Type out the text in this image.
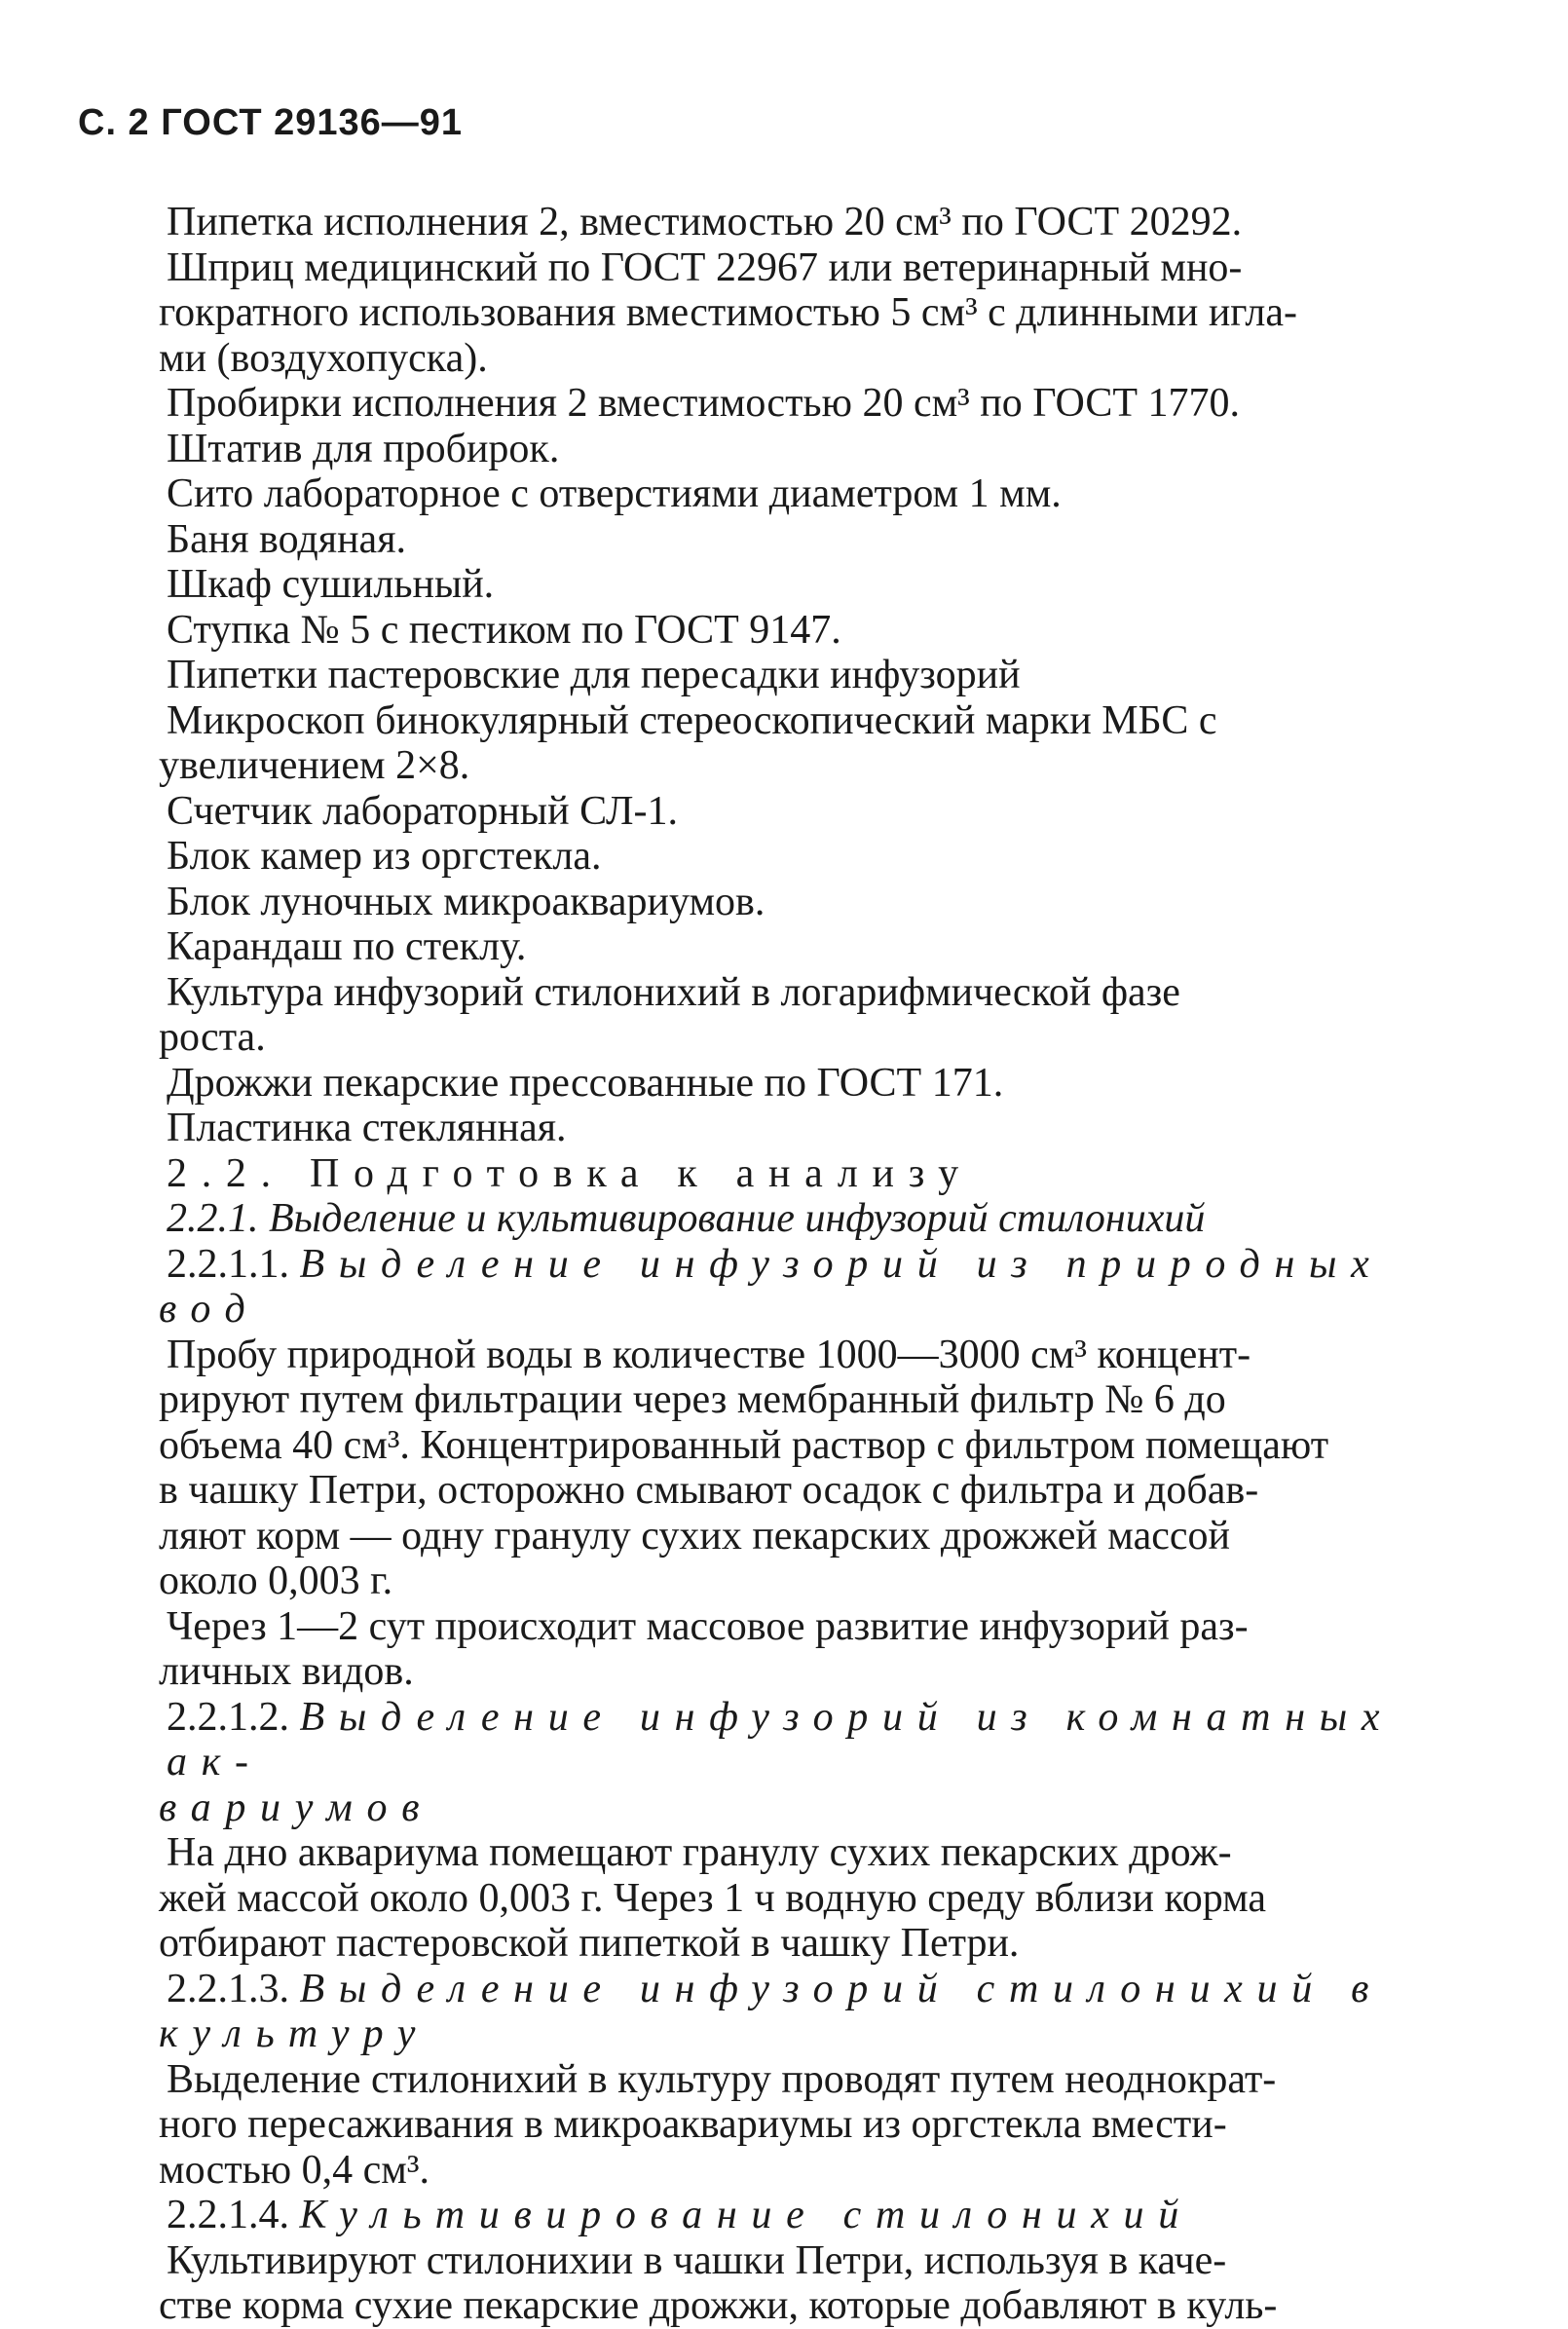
С. 2 ГОСТ 29136—91
Пипетка исполнения 2, вместимостью 20 см³ по ГОСТ 20292.
Шприц медицинский по ГОСТ 22967 или ветеринарный мно-
гократного использования вместимостью 5 см³ с длинными игла-
ми (воздухопуска).
Пробирки исполнения 2 вместимостью 20 см³ по ГОСТ 1770.
Штатив для пробирок.
Сито лабораторное с отверстиями диаметром 1 мм.
Баня водяная.
Шкаф сушильный.
Ступка № 5 с пестиком по ГОСТ 9147.
Пипетки пастеровские для пересадки инфузорий
Микроскоп бинокулярный стереоскопический марки МБС с
увеличением 2×8.
Счетчик лабораторный СЛ-1.
Блок камер из оргстекла.
Блок луночных микроаквариумов.
Карандаш по стеклу.
Культура инфузорий стилонихий в логарифмической фазе
роста.
Дрожжи пекарские прессованные по ГОСТ 171.
Пластинка стеклянная.
2.2. Подготовка к анализу
2.2.1. Выделение и культивирование инфузорий стилонихий
2.2.1.1. Выделение инфузорий из природных
вод
Пробу природной воды в количестве 1000—3000 см³ концент-
рируют путем фильтрации через мембранный фильтр № 6 до
объема 40 см³. Концентрированный раствор с фильтром помещают
в чашку Петри, осторожно смывают осадок с фильтра и добав-
ляют корм — одну гранулу сухих пекарских дрожжей массой
около 0,003 г.
Через 1—2 сут происходит массовое развитие инфузорий раз-
личных видов.
2.2.1.2. Выделение инфузорий из комнатных ак-
вариумов
На дно аквариума помещают гранулу сухих пекарских дрож-
жей массой около 0,003 г. Через 1 ч водную среду вблизи корма
отбирают пастеровской пипеткой в чашку Петри.
2.2.1.3. Выделение инфузорий стилонихий в
культуру
Выделение стилонихий в культуру проводят путем неоднократ-
ного пересаживания в микроаквариумы из оргстекла вмести-
мостью 0,4 см³.
2.2.1.4. Культивирование стилонихий
Культивируют стилонихии в чашки Петри, используя в каче-
стве корма сухие пекарские дрожжи, которые добавляют в куль-
